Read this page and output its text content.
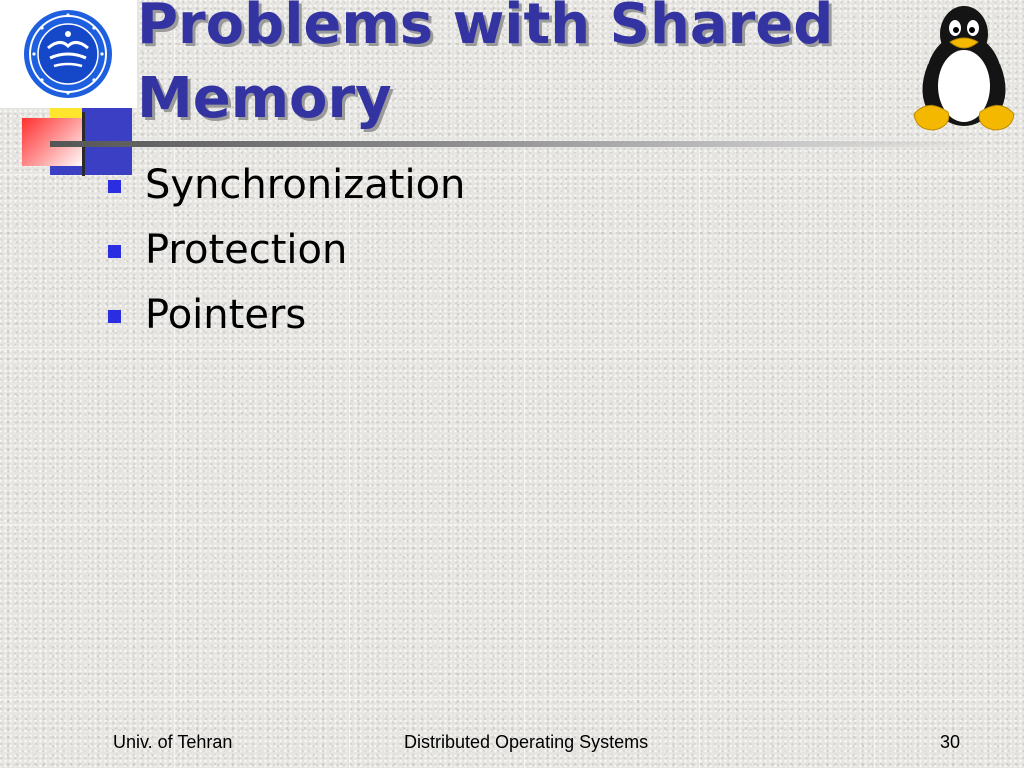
Problems with Shared
Memory
Synchronization
Protection
Pointers
Univ. of Tehran	Distributed Operating Systems	30
